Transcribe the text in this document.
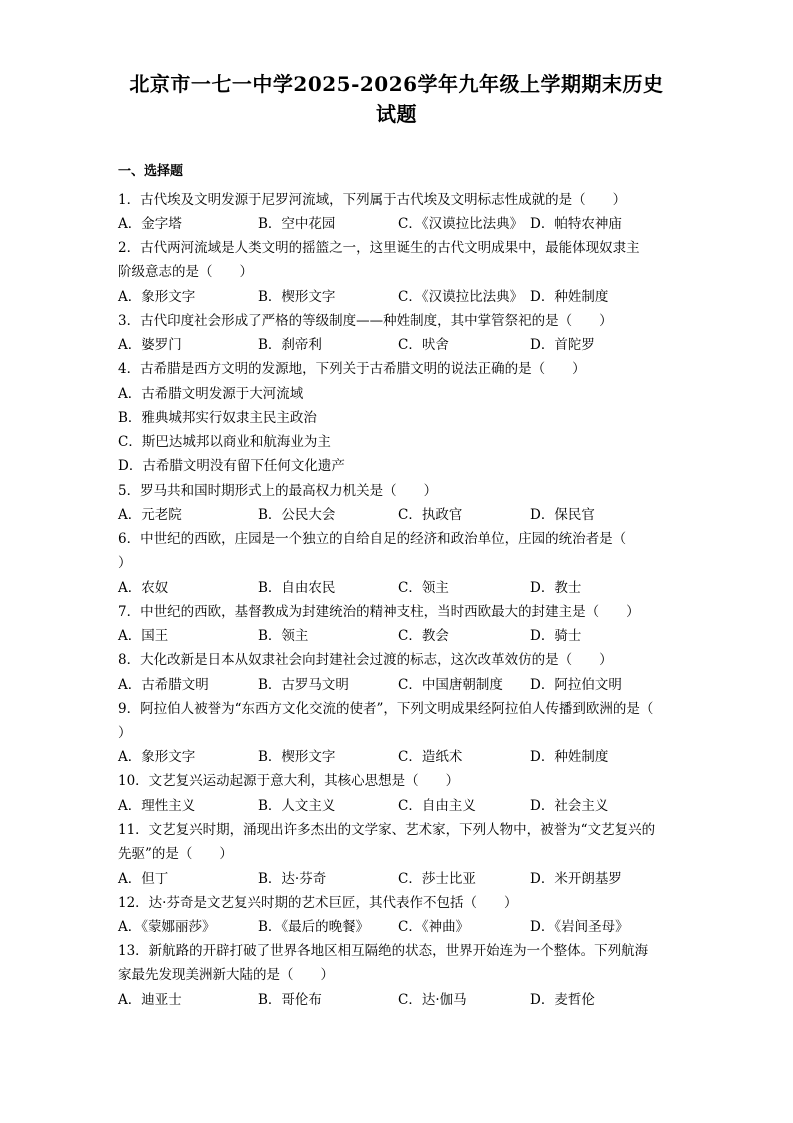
北京市一七一中学2025-2026学年九年级上学期期末历史
试题
一、选择题
1．古代埃及文明发源于尼罗河流域，下列属于古代埃及文明标志性成就的是（　　）
A．金字塔	B．空中花园	C．《汉谟拉比法典》 D．帕特农神庙
2．古代两河流域是人类文明的摇篮之一，这里诞生的古代文明成果中，最能体现奴隶主
阶级意志的是（　　）
A．象形文字	B．楔形文字	C．《汉谟拉比法典》 D．种姓制度
3．古代印度社会形成了严格的等级制度——种姓制度，其中掌管祭祀的是（　　）
A．婆罗门	B．刹帝利	C．吠舍	D．首陀罗
4．古希腊是西方文明的发源地，下列关于古希腊文明的说法正确的是（　　）
A．古希腊文明发源于大河流域
B．雅典城邦实行奴隶主民主政治
C．斯巴达城邦以商业和航海业为主
D．古希腊文明没有留下任何文化遗产
5．罗马共和国时期形式上的最高权力机关是（　　）
A．元老院	B．公民大会	C．执政官	D．保民官
6．中世纪的西欧，庄园是一个独立的自给自足的经济和政治单位，庄园的统治者是（
）
A．农奴	B．自由农民	C．领主	D．教士
7．中世纪的西欧，基督教成为封建统治的精神支柱，当时西欧最大的封建主是（　　）
A．国王	B．领主	C．教会	D．骑士
8．大化改新是日本从奴隶社会向封建社会过渡的标志，这次改革效仿的是（　　）
A．古希腊文明	B．古罗马文明	C．中国唐朝制度 D．阿拉伯文明
9．阿拉伯人被誉为“东西方文化交流的使者”，下列文明成果经阿拉伯人传播到欧洲的是（
）
A．象形文字	B．楔形文字	C．造纸术	D．种姓制度
10．文艺复兴运动起源于意大利，其核心思想是（　　）
A．理性主义	B．人文主义	C．自由主义	D．社会主义
11．文艺复兴时期，涌现出许多杰出的文学家、艺术家，下列人物中，被誉为“文艺复兴的
先驱”的是（　　）
A．但丁	B．达·芬奇	C．莎士比亚	D．米开朗基罗
12．达·芬奇是文艺复兴时期的艺术巨匠，其代表作不包括（　　）
A．《蒙娜丽莎》	B．《最后的晚餐》 C．《神曲》	D．《岩间圣母》
13．新航路的开辟打破了世界各地区相互隔绝的状态，世界开始连为一个整体。下列航海
家最先发现美洲新大陆的是（　　）
A．迪亚士	B．哥伦布	C．达·伽马	D．麦哲伦
